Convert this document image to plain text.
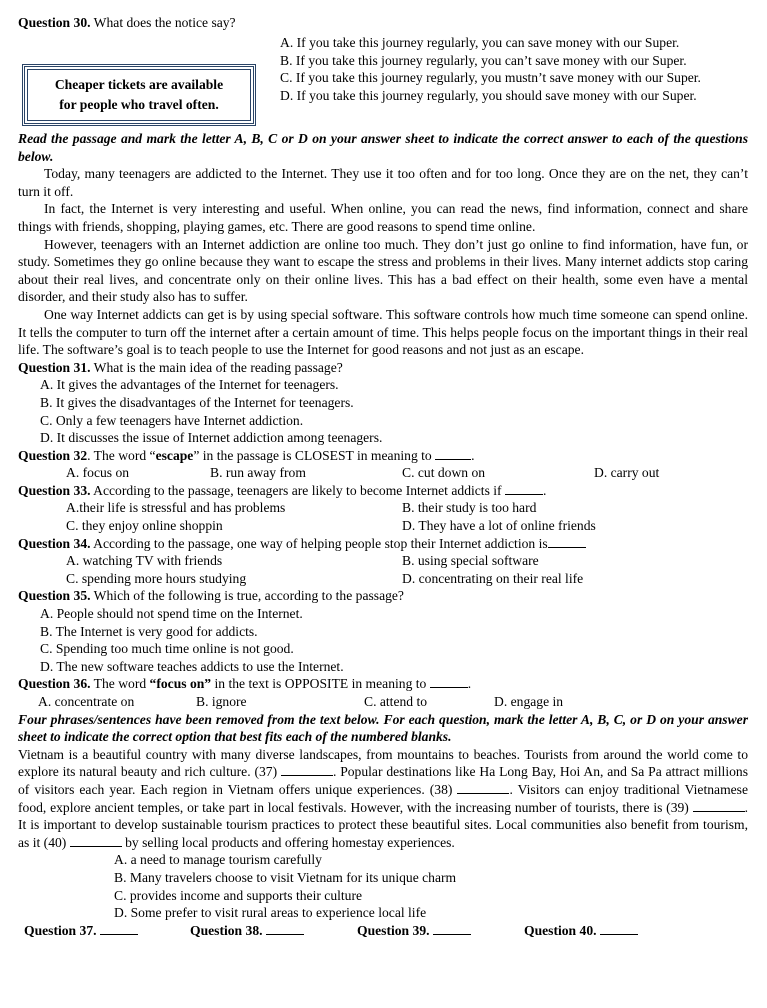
Question 30. What does the notice say?
A. If you take this journey regularly, you can save money with our Super.
B. If you take this journey regularly, you can’t save money with our Super.
C. If you take this journey regularly, you mustn’t save money with our Super.
D. If you take this journey regularly, you should save money with our Super.
Cheaper tickets are available
for people who travel often.
Read the passage and mark the letter A, B, C or D on your answer sheet to indicate the correct answer to each of the questions below.
Today, many teenagers are addicted to the Internet. They use it too often and for too long. Once they are on the net, they can’t turn it off.
In fact, the Internet is very interesting and useful. When online, you can read the news, find information, connect and share things with friends, shopping, playing games, etc. There are good reasons to spend time online.
However, teenagers with an Internet addiction are online too much. They don’t just go online to find information, have fun, or study. Sometimes they go online because they want to escape the stress and problems in their lives. Many internet addicts stop caring about their real lives, and concentrate only on their online lives. This has a bad effect on their health, some even have a mental disorder, and their study also has to suffer.
One way Internet addicts can get is by using special software. This software controls how much time someone can spend online. It tells the computer to turn off the internet after a certain amount of time. This helps people focus on the important things in their real life. The software’s goal is to teach people to use the Internet for good reasons and not just as an escape.
Question 31. What is the main idea of the reading passage?
A. It gives the advantages of the Internet for teenagers.
B. It gives the disadvantages of the Internet for teenagers.
C. Only a few teenagers have Internet addiction.
D. It discusses the issue of Internet addiction among teenagers.
Question 32. The word “escape” in the passage is CLOSEST in meaning to	.
A. focus on	B. run away from	C. cut down on	D. carry out
Question 33. According to the passage, teenagers are likely to become Internet addicts if	.
A.their life is stressful and has problems	B. their study is too hard
C. they enjoy online shoppin	D. They have a lot of online friends
Question 34. According to the passage, one way of helping people stop their Internet addiction is
A. watching TV with friends	B. using special software
C. spending more hours studying	D. concentrating on their real life
Question 35. Which of the following is true, according to the passage?
A. People should not spend time on the Internet.
B. The Internet is very good for addicts.
C. Spending too much time online is not good.
D. The new software teaches addicts to use the Internet.
Question 36. The word “focus on” in the text is OPPOSITE in meaning to	.
A. concentrate on	B. ignore	C. attend to	D. engage in
Four phrases/sentences have been removed from the text below. For each question, mark the letter A, B, C, or D on your answer sheet to indicate the correct option that best fits each of the numbered blanks.
Vietnam is a beautiful country with many diverse landscapes, from mountains to beaches. Tourists from around the world come to explore its natural beauty and rich culture. (37)	. Popular destinations like Ha Long Bay, Hoi An, and Sa Pa attract millions of visitors each year. Each region in Vietnam offers unique experiences. (38)	. Visitors can enjoy traditional Vietnamese food, explore ancient temples, or take part in local festivals. However, with the increasing number of tourists, there is (39)	. It is important to develop sustainable tourism practices to protect these beautiful sites. Local communities also benefit from tourism, as it (40)	by selling local products and offering homestay experiences.
A. a need to manage tourism carefully
B. Many travelers choose to visit Vietnam for its unique charm
C. provides income and supports their culture
D. Some prefer to visit rural areas to experience local life
Question 37.	Question 38.	Question 39.	Question 40.
